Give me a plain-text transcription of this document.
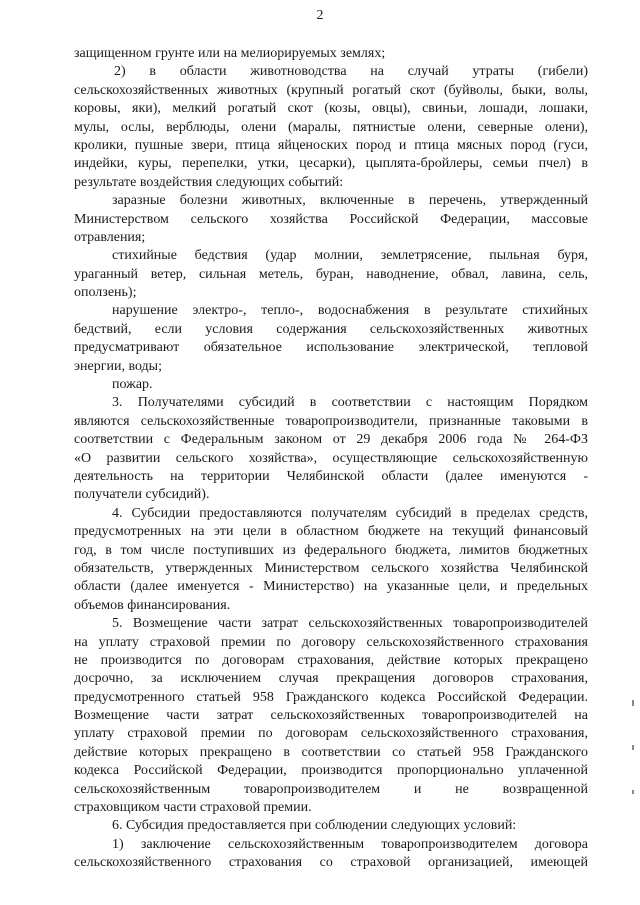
2
защищенном грунте или на мелиорируемых землях;
2) в области животноводства на случай утраты (гибели)
сельскохозяйственных животных (крупный рогатый скот (буйволы, быки, волы,
коровы, яки), мелкий рогатый скот (козы, овцы), свиньи, лошади, лошаки,
мулы, ослы, верблюды, олени (маралы, пятнистые олени, северные олени),
кролики, пушные звери, птица яйценоских пород и птица мясных пород (гуси,
индейки, куры, перепелки, утки, цесарки), цыплята-бройлеры, семьи пчел) в
результате воздействия следующих событий:
заразные болезни животных, включенные в перечень, утвержденный
Министерством сельского хозяйства Российской Федерации, массовые
отравления;
стихийные бедствия (удар молнии, землетрясение, пыльная буря,
ураганный ветер, сильная метель, буран, наводнение, обвал, лавина, сель,
оползень);
нарушение электро-, тепло-, водоснабжения в результате стихийных
бедствий, если условия содержания сельскохозяйственных животных
предусматривают обязательное использование электрической, тепловой
энергии, воды;
пожар.
3. Получателями субсидий в соответствии с настоящим Порядком
являются сельскохозяйственные товаропроизводители, признанные таковыми в
соответствии с Федеральным законом от 29 декабря 2006 года № 264-ФЗ
«О развитии сельского хозяйства», осуществляющие сельскохозяйственную
деятельность на территории Челябинской области (далее именуются -
получатели субсидий).
4. Субсидии предоставляются получателям субсидий в пределах средств,
предусмотренных на эти цели в областном бюджете на текущий финансовый
год, в том числе поступивших из федерального бюджета, лимитов бюджетных
обязательств, утвержденных Министерством сельского хозяйства Челябинской
области (далее именуется - Министерство) на указанные цели, и предельных
объемов финансирования.
5. Возмещение части затрат сельскохозяйственных товаропроизводителей
на уплату страховой премии по договору сельскохозяйственного страхования
не производится по договорам страхования, действие которых прекращено
досрочно, за исключением случая прекращения договоров страхования,
предусмотренного статьей 958 Гражданского кодекса Российской Федерации.
Возмещение части затрат сельскохозяйственных товаропроизводителей на
уплату страховой премии по договорам сельскохозяйственного страхования,
действие которых прекращено в соответствии со статьей 958 Гражданского
кодекса Российской Федерации, производится пропорционально уплаченной
сельскохозяйственным товаропроизводителем и не возвращенной
страховщиком части страховой премии.
6. Субсидия предоставляется при соблюдении следующих условий:
1) заключение сельскохозяйственным товаропроизводителем договора
сельскохозяйственного страхования со страховой организацией, имеющей
